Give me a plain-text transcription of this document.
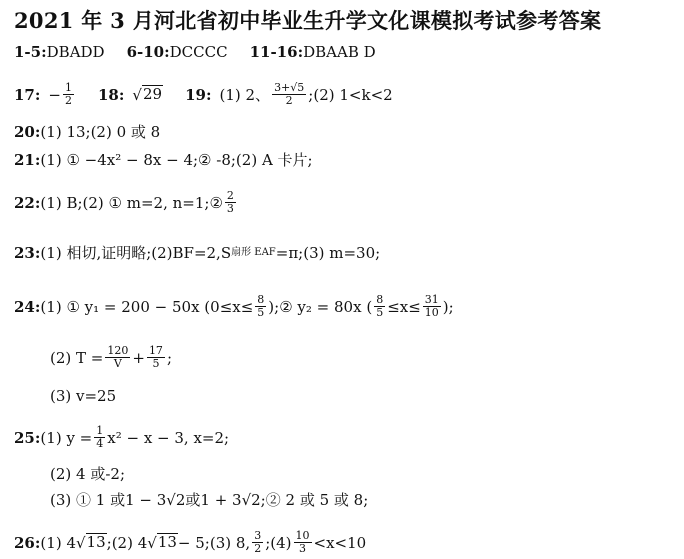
2021 年 3 月河北省初中毕业生升学文化课模拟考试参考答案
1-5: DBADD 6-10: DCCCC 11-16: DBAAB D
17: − $\frac{1}{2} 18$: √ 29 19: (1) 2、 $\frac{3+√5}{2}$ ;(2) 1<k<2
20: (1) 13;(2) 0 或 8
21: (1) ① −4x² − 8x − 4;② -8;(2) A 卡片;
22: (1) B;(2) ① m=2, n=1;② $\frac{2}{3}$
23: (1) 相切,证明略;(2)BF=2,S 扇形 EAF =π;(3) m=30;
24: (1) ① y₁ = 200 − 50x ($0\le x\le \frac{8}{5}$ );② y₂ = 80x ( $\frac{8}{5} \le x\le \frac{31}{10}$ );
(2) $T = \frac{120}{V} + \frac{17}{5}$ ;
(3) v=25
25: (1) $y = \frac{1}{4} x^2 - x - 3$, x=2;
(2) 4 或-2;
(3) ① 1 或1 − 3√2或1 + 3√2;② 2 或 5 或 8;
26: (1) 4 √ 13 ;(2) 4 √ 13 − 5;(3) 8, $\frac{3}{2}$ ;(4) $\frac{10}{3} <x<10$
